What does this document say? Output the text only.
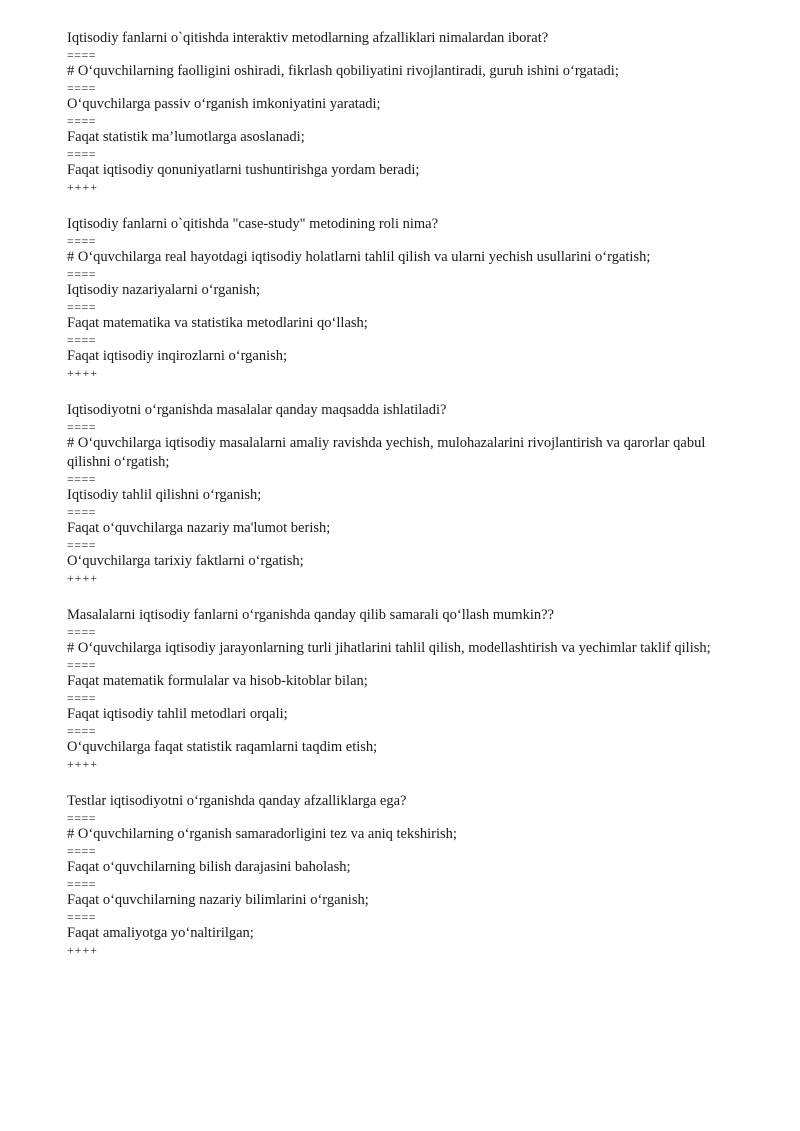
Iqtisodiy fanlarni o`qitishda interaktiv metodlarning afzalliklari nimalardan iborat?
====
# O‘quvchilarning faolligini oshiradi, fikrlash qobiliyatini rivojlantiradi, guruh ishini o‘rgatadi;
====
O‘quvchilarga passiv o‘rganish imkoniyatini yaratadi;
====
Faqat statistik ma’lumotlarga asoslanadi;
====
Faqat iqtisodiy qonuniyatlarni tushuntirishga yordam beradi;
++++
Iqtisodiy fanlarni o`qitishda "case-study" metodining roli nima?
====
# O‘quvchilarga real hayotdagi iqtisodiy holatlarni tahlil qilish va ularni yechish usullarini o‘rgatish;
====
Iqtisodiy nazariyalarni o‘rganish;
====
Faqat matematika va statistika metodlarini qo‘llash;
====
Faqat iqtisodiy inqirozlarni o‘rganish;
++++
Iqtisodiyotni o‘rganishda masalalar qanday maqsadda ishlatiladi?
====
# O‘quvchilarga iqtisodiy masalalarni amaliy ravishda yechish, mulohazalarini rivojlantirish va qarorlar qabul qilishni o‘rgatish;
====
Iqtisodiy tahlil qilishni o‘rganish;
====
Faqat o‘quvchilarga nazariy ma'lumot berish;
====
O‘quvchilarga tarixiy faktlarni o‘rgatish;
++++
Masalalarni iqtisodiy fanlarni o‘rganishda qanday qilib samarali qo‘llash mumkin??
====
# O‘quvchilarga iqtisodiy jarayonlarning turli jihatlarini tahlil qilish, modellashtirish va yechimlar taklif qilish;
====
Faqat matematik formulalar va hisob-kitoblar bilan;
====
Faqat iqtisodiy tahlil metodlari orqali;
====
O‘quvchilarga faqat statistik raqamlarni taqdim etish;
++++
Testlar iqtisodiyotni o‘rganishda qanday afzalliklarga ega?
====
# O‘quvchilarning o‘rganish samaradorligini tez va aniq tekshirish;
====
Faqat o‘quvchilarning bilish darajasini baholash;
====
Faqat o‘quvchilarning nazariy bilimlarini o‘rganish;
====
Faqat amaliyotga yo‘naltirilgan;
++++
